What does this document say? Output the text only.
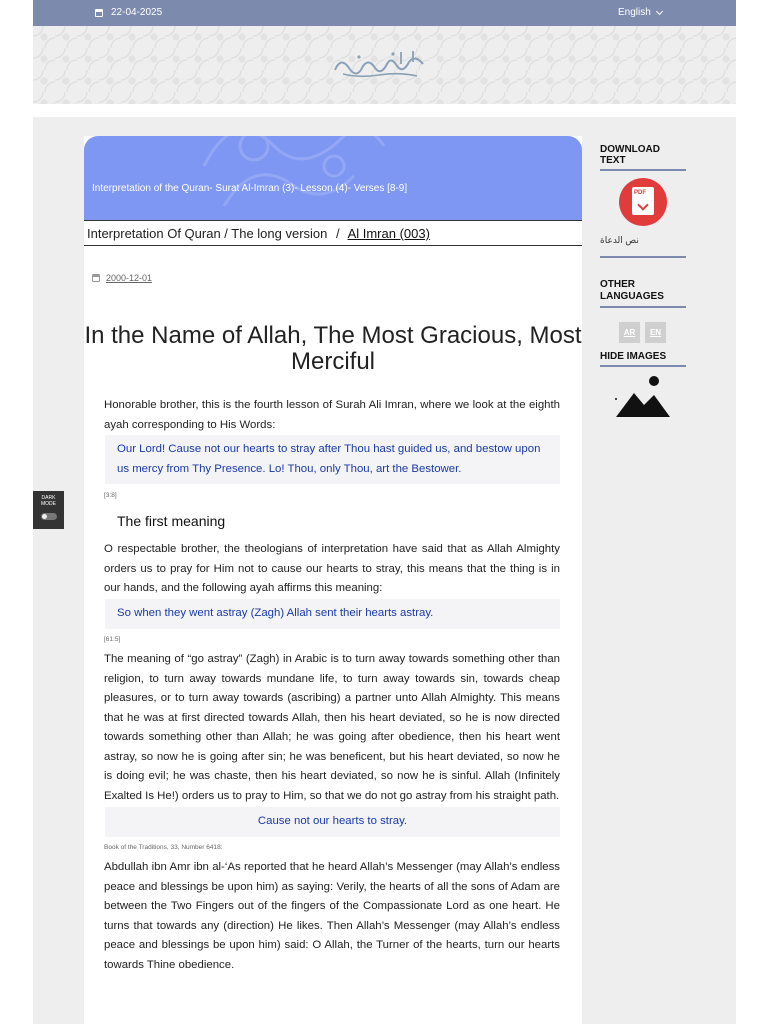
22-04-2025	English
Interpretation of the Quran- Surat Al-Imran (3)- Lesson (4)- Verses [8-9]
Interpretation Of Quran / The long version / Al Imran (003)
2000-12-01
In the Name of Allah, The Most Gracious, Most Merciful

Honorable brother, this is the fourth lesson of Surah Ali Imran, where we look at the eighth ayah corresponding to His Words:

Our Lord! Cause not our hearts to stray after Thou hast guided us, and bestow upon us mercy from Thy Presence. Lo! Thou, only Thou, art the Bestower.
[3:8]
The first meaning

O respectable brother, the theologians of interpretation have said that as Allah Almighty orders us to pray for Him not to cause our hearts to stray, this means that the thing is in our hands, and the following ayah affirms this meaning:

So when they went astray (Zagh) Allah sent their hearts astray.
[61:5]

The meaning of “go astray” (Zagh) in Arabic is to turn away towards something other than religion, to turn away towards mundane life, to turn away towards sin, towards cheap pleasures, or to turn away towards (ascribing) a partner unto Allah Almighty. This means that he was at first directed towards Allah, then his heart deviated, so he is now directed towards something other than Allah; he was going after obedience, then his heart went astray, so now he is going after sin; he was beneficent, but his heart deviated, so now he is doing evil; he was chaste, then his heart deviated, so now he is sinful. Allah (Infinitely Exalted Is He!) orders us to pray to Him, so that we do not go astray from his straight path.

Cause not our hearts to stray.
Book of the Traditions, 33, Number 6418:

Abdullah ibn Amr ibn al-‘As reported that he heard Allah’s Messenger (may Allah’s endless peace and blessings be upon him) as saying: Verily, the hearts of all the sons of Adam are between the Two Fingers out of the fingers of the Compassionate Lord as one heart. He turns that towards any (direction) He likes. Then Allah’s Messenger (may Allah’s endless peace and blessings be upon him) said: O Allah, the Turner of the hearts, turn our hearts towards Thine obedience.

DOWNLOAD TEXT
PDF
نص الدعاة
OTHER LANGUAGES
AR	EN
HIDE IMAGES
DARK
MODE
